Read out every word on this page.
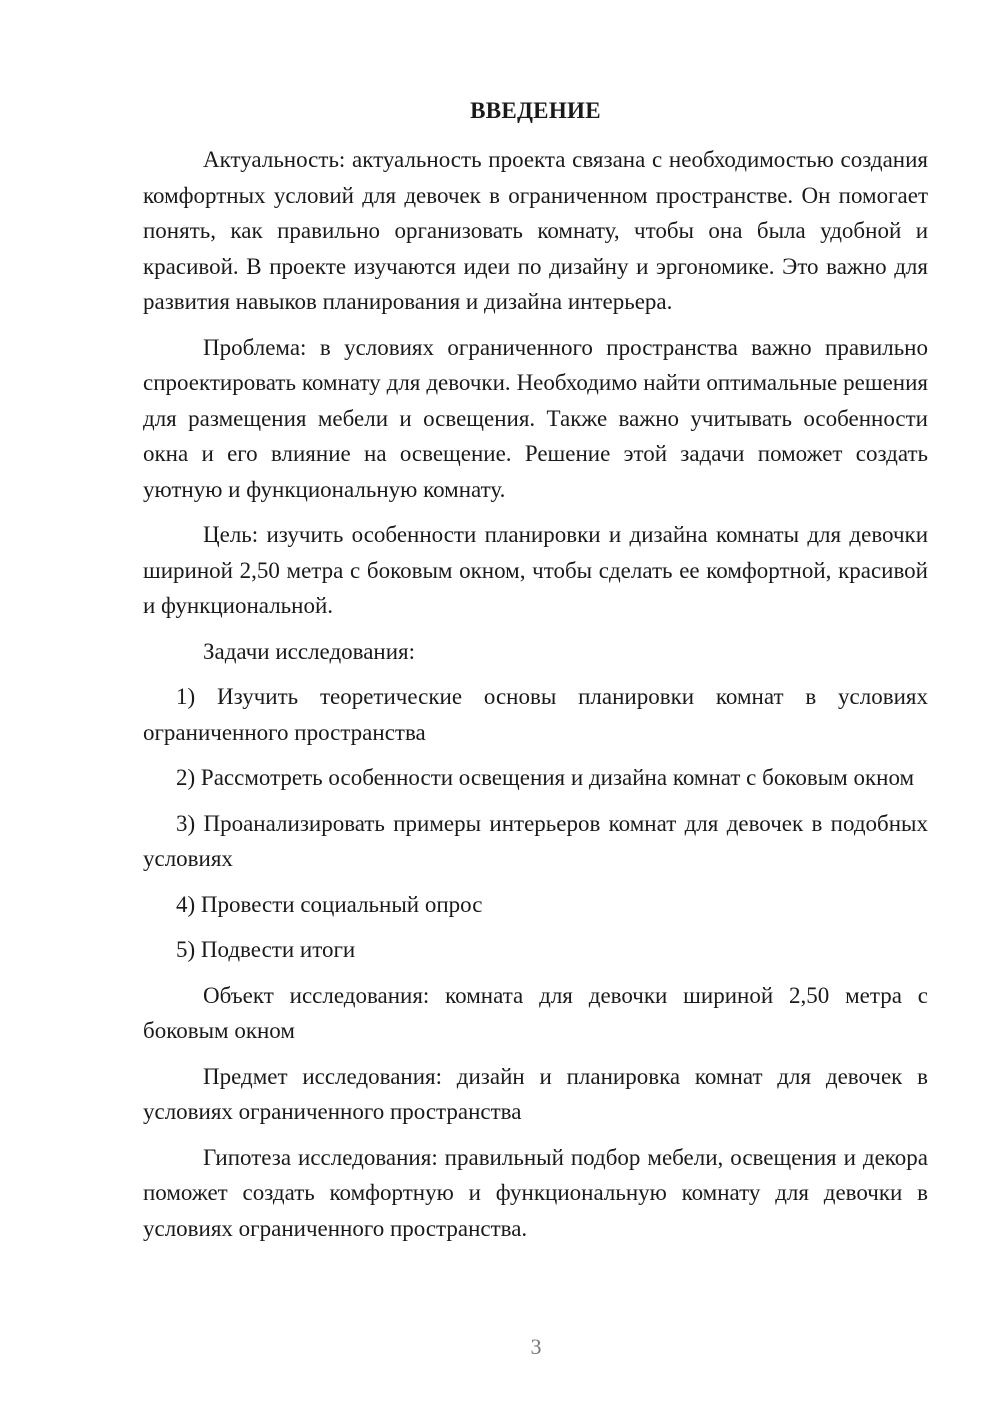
ВВЕДЕНИЕ

Актуальность: актуальность проекта связана с необходимостью создания комфортных условий для девочек в ограниченном пространстве. Он помогает понять, как правильно организовать комнату, чтобы она была удобной и красивой. В проекте изучаются идеи по дизайну и эргономике. Это важно для развития навыков планирования и дизайна интерьера.

Проблема: в условиях ограниченного пространства важно правильно спроектировать комнату для девочки. Необходимо найти оптимальные решения для размещения мебели и освещения. Также важно учитывать особенности окна и его влияние на освещение. Решение этой задачи поможет создать уютную и функциональную комнату.

Цель: изучить особенности планировки и дизайна комнаты для девочки шириной 2,50 метра с боковым окном, чтобы сделать ее комфортной, красивой и функциональной.

Задачи исследования:

1) Изучить теоретические основы планировки комнат в условиях ограниченного пространства

2) Рассмотреть особенности освещения и дизайна комнат с боковым окном

3) Проанализировать примеры интерьеров комнат для девочек в подобных условиях

4) Провести социальный опрос

5) Подвести итоги

Объект исследования: комната для девочки шириной 2,50 метра с боковым окном

Предмет исследования: дизайн и планировка комнат для девочек в условиях ограниченного пространства

Гипотеза исследования: правильный подбор мебели, освещения и декора поможет создать комфортную и функциональную комнату для девочки в условиях ограниченного пространства.

3
